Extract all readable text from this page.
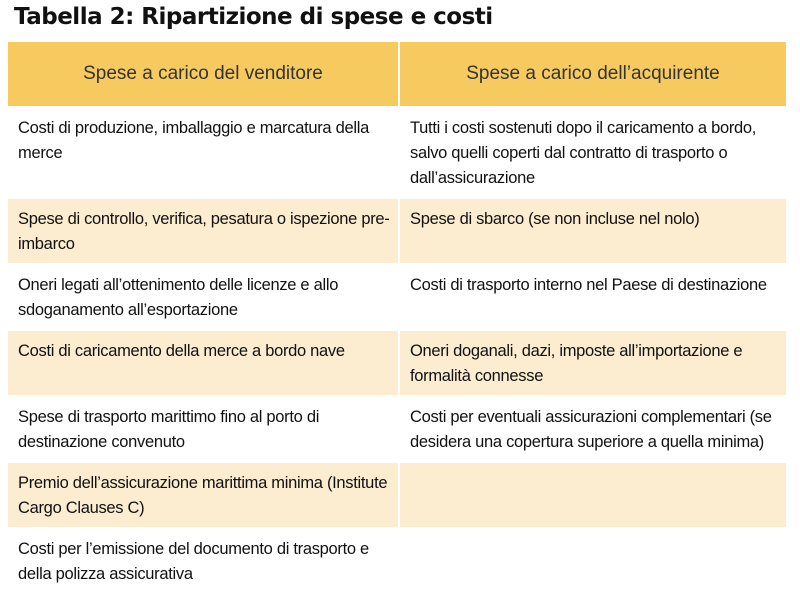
Tabella 2: Ripartizione di spese e costi
Spese a carico del venditore	Spese a carico dell’acquirente
Costi di produzione, imballaggio e marcatura della merce	Tutti i costi sostenuti dopo il caricamento a bordo, salvo quelli coperti dal contratto di trasporto o dall’assicurazione
Spese di controllo, verifica, pesatura o ispezione pre-imbarco	Spese di sbarco (se non incluse nel nolo)
Oneri legati all’ottenimento delle licenze e allo sdoganamento all’esportazione	Costi di trasporto interno nel Paese di destinazione
Costi di caricamento della merce a bordo nave	Oneri doganali, dazi, imposte all’importazione e formalità connesse
Spese di trasporto marittimo fino al porto di destinazione convenuto	Costi per eventuali assicurazioni complementari (se desidera una copertura superiore a quella minima)
Premio dell’assicurazione marittima minima (Institute Cargo Clauses C)	
Costi per l’emissione del documento di trasporto e della polizza assicurativa	
